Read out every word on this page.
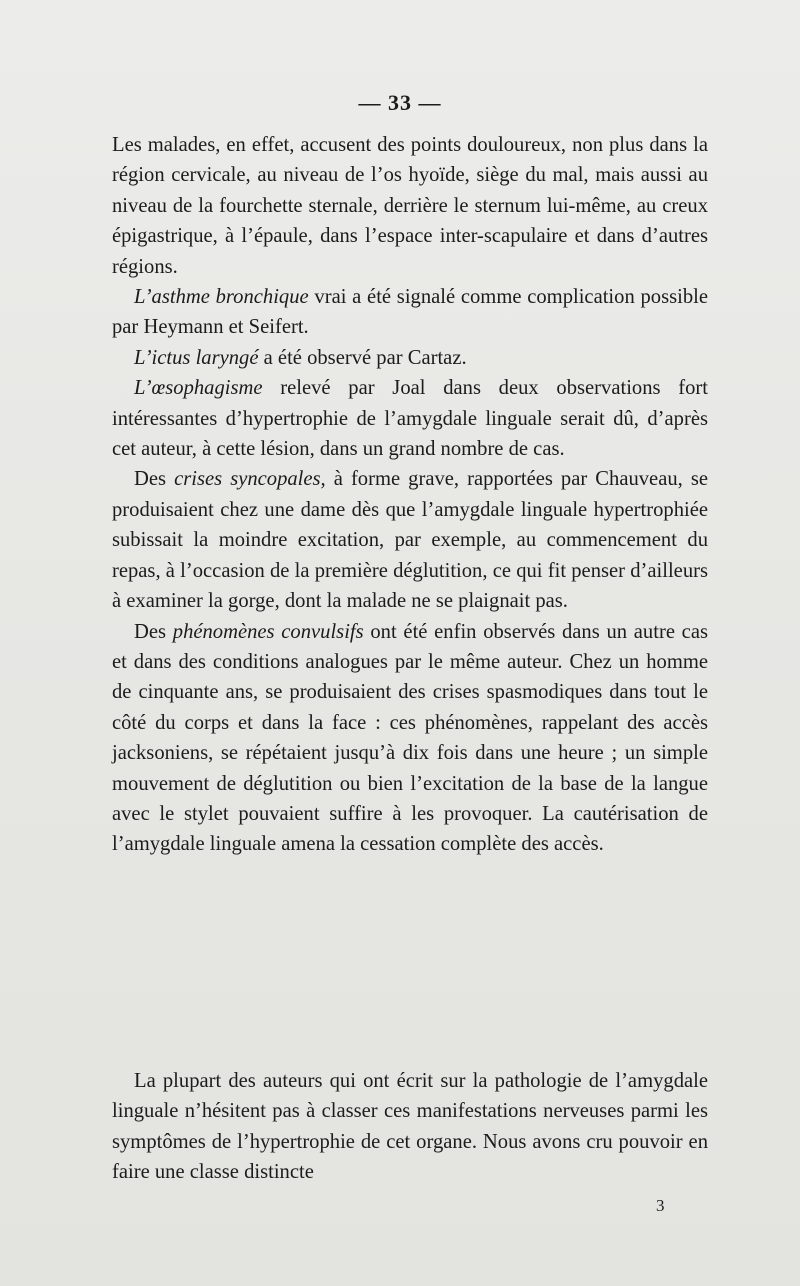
— 33 —

Les malades, en effet, accusent des points douloureux, non plus dans la région cervicale, au niveau de l’os hyoïde, siège du mal, mais aussi au niveau de la fourchette sternale, derrière le sternum lui-même, au creux épigastrique, à l’épaule, dans l’espace inter-scapulaire et dans d’autres régions.

L’asthme bronchique vrai a été signalé comme complication possible par Heymann et Seifert.

L’ictus laryngé a été observé par Cartaz.

L’œsophagisme relevé par Joal dans deux observations fort intéressantes d’hypertrophie de l’amygdale linguale serait dû, d’après cet auteur, à cette lésion, dans un grand nombre de cas.

Des crises syncopales, à forme grave, rapportées par Chauveau, se produisaient chez une dame dès que l’amygdale linguale hypertrophiée subissait la moindre excitation, par exemple, au commencement du repas, à l’occasion de la première déglutition, ce qui fit penser d’ailleurs à examiner la gorge, dont la malade ne se plaignait pas.

Des phénomènes convulsifs ont été enfin observés dans un autre cas et dans des conditions analogues par le même auteur. Chez un homme de cinquante ans, se produisaient des crises spasmodiques dans tout le côté du corps et dans la face : ces phénomènes, rappelant des accès jacksoniens, se répétaient jusqu’à dix fois dans une heure ; un simple mouvement de déglutition ou bien l’excitation de la base de la langue avec le stylet pouvaient suffire à les provoquer. La cautérisation de l’amygdale linguale amena la cessation complète des accès.

La plupart des auteurs qui ont écrit sur la pathologie de l’amygdale linguale n’hésitent pas à classer ces manifestations nerveuses parmi les symptômes de l’hypertrophie de cet organe. Nous avons cru pouvoir en faire une classe distincte

3
